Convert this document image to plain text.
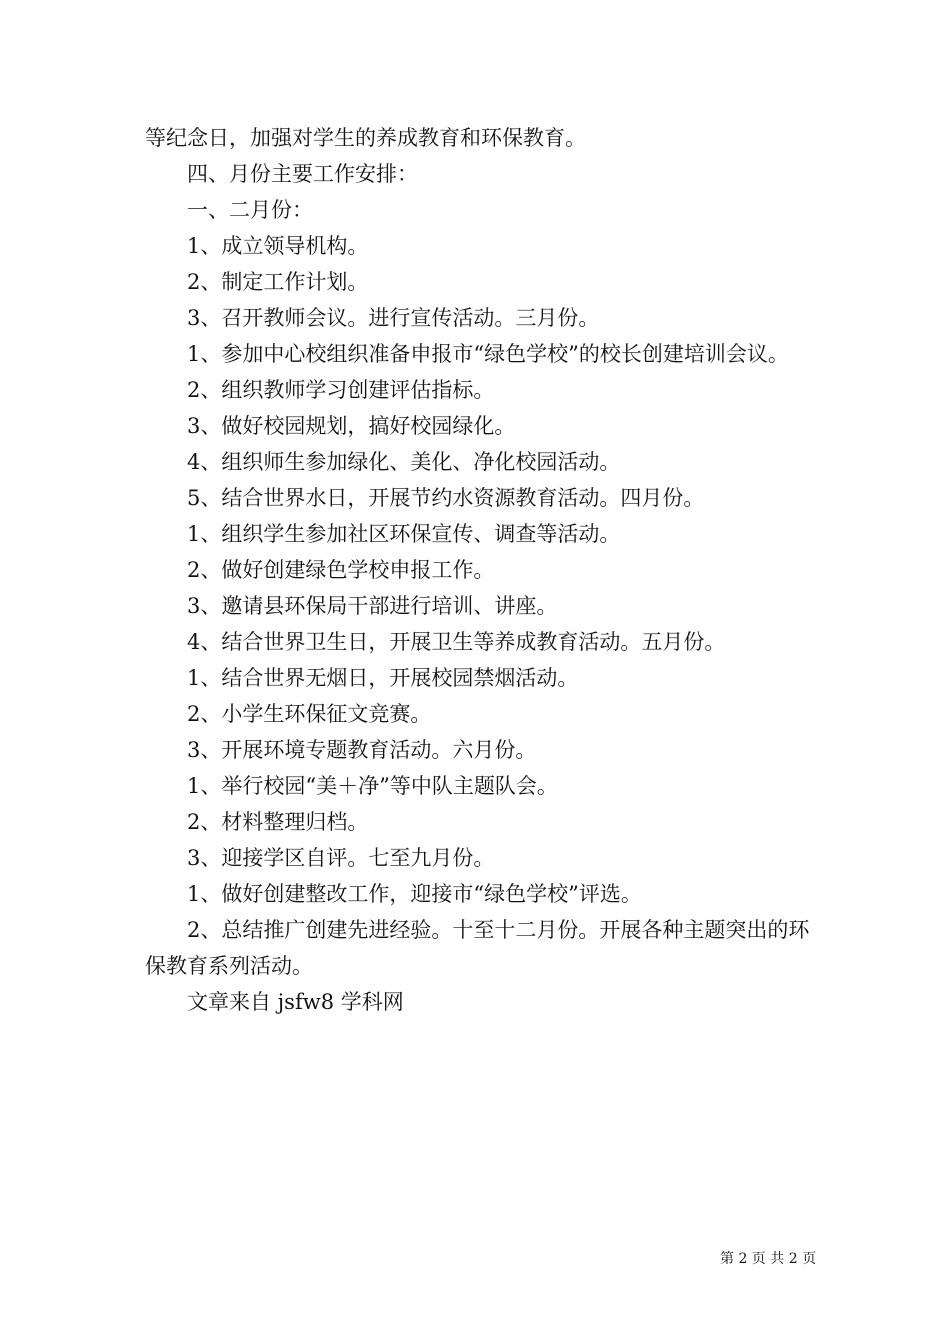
等纪念日，加强对学生的养成教育和环保教育。

四、月份主要工作安排：

一、二月份：

1、成立领导机构。

2、制定工作计划。

3、召开教师会议。进行宣传活动。三月份。

1、参加中心校组织准备申报市“绿色学校”的校长创建培训会议。

2、组织教师学习创建评估指标。

3、做好校园规划，搞好校园绿化。

4、组织师生参加绿化、美化、净化校园活动。

5、结合世界水日，开展节约水资源教育活动。四月份。

1、组织学生参加社区环保宣传、调查等活动。

2、做好创建绿色学校申报工作。

3、邀请县环保局干部进行培训、讲座。

4、结合世界卫生日，开展卫生等养成教育活动。五月份。

1、结合世界无烟日，开展校园禁烟活动。

2、小学生环保征文竞赛。

3、开展环境专题教育活动。六月份。

1、举行校园“美＋净”等中队主题队会。

2、材料整理归档。

3、迎接学区自评。七至九月份。

1、做好创建整改工作，迎接市“绿色学校”评选。

2、总结推广创建先进经验。十至十二月份。开展各种主题突出的环保教育系列活动。

文章来自 jsfw8 学科网

第 2 页 共 2 页
